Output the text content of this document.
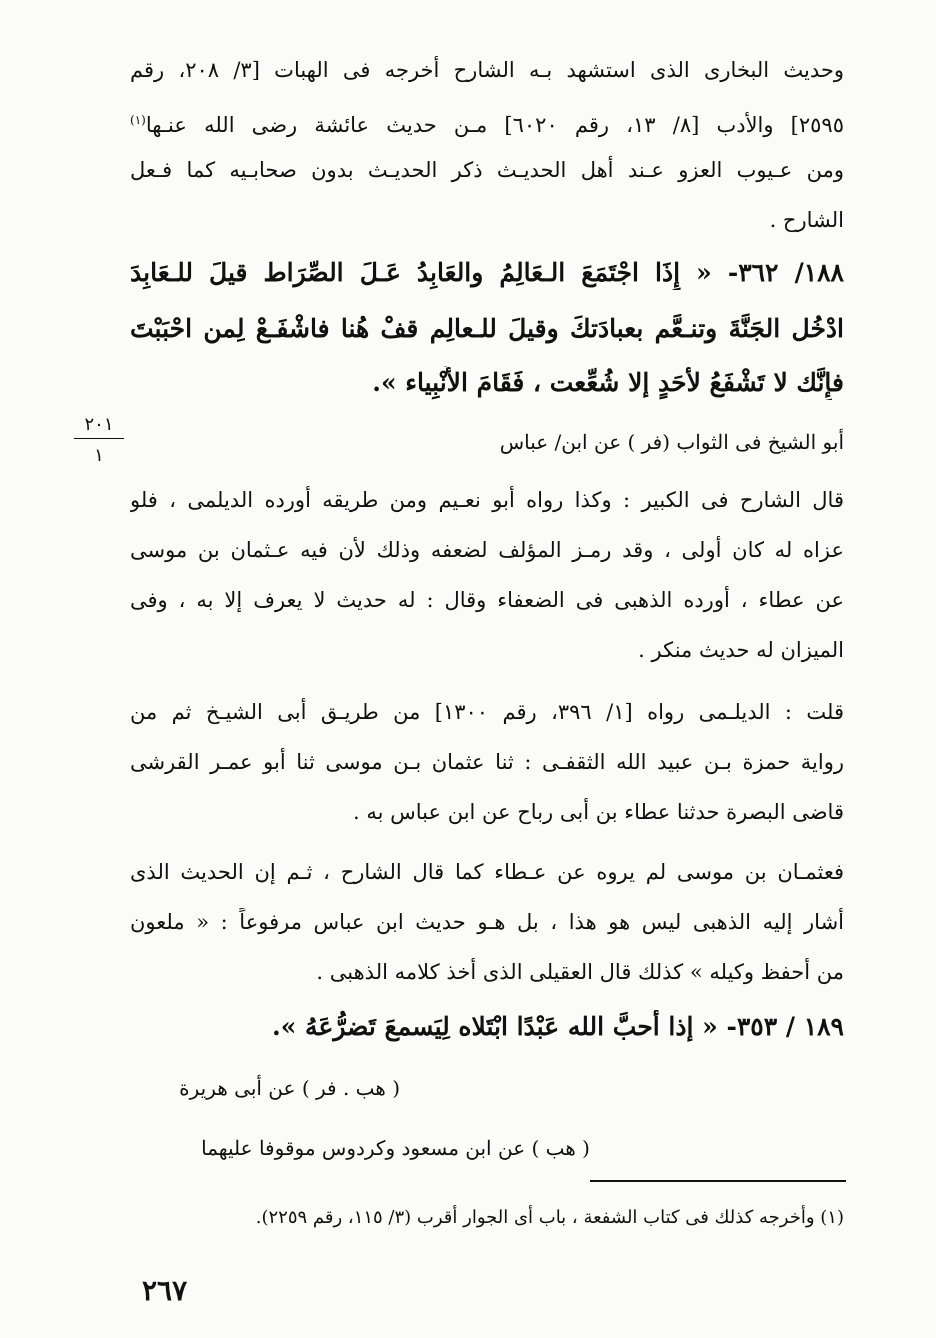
وحديث البخارى الذى استشهد بـه الشارح أخرجه فى الهبات [٣/ ٢٠٨، رقم
٢٥٩٥] والأدب [٨/ ١٣، رقم ٦٠٢٠] مـن حديث عائشة رضى الله عنـها$^{(١)}$
ومن عـيوب العزو عـند أهل الحديـث ذكر الحديـث بدون صحابـيه كما فـعل
الشارح .
١٨٨/ ٣٦٢- « إِذَا اجْتَمَعَ الـعَالِمُ والعَابِدُ عَـلَ الصِّرَاط قيلَ للـعَابِدَ
ادْخُل الجَنَّةَ وتنـعَّم بعبادَتكَ وقيلَ للـعالِم قفْ هُنا فاشْفَـعْ لِمن احْبَبْتَ
فإِنَّك لا تَشْفَعُ لأحَدٍ إلا شُعِّعت ، فَقَامَ الأَنْبِياء ».
٢٠١
١
أبو الشيخ فى الثواب (فر ) عن ابن/ عباس
قال الشارح فى الكبير : وكذا رواه أبو نعـيم ومن طريقه أورده الديلمى ، فلو
عزاه له كان أولى ، وقد رمـز المؤلف لضعفه وذلك لأن فيه عـثمان بن موسى
عن عطاء ، أورده الذهبى فى الضعفاء وقال : له حديث لا يعرف إلا به ، وفى
الميزان له حديث منكر .
قلت : الديلـمى رواه [١/ ٣٩٦، رقم ١٣٠٠] من طريـق أبى الشيـخ ثم من
رواية حمزة بـن عبيد الله الثقفـى : ثنا عثمان بـن موسى ثنا أبو عمـر القرشى
قاضى البصرة حدثنا عطاء بن أبى رباح عن ابن عباس به .
فعثمـان بن موسى لم يروه عن عـطاء كما قال الشارح ، ثـم إن الحديث الذى
أشار إليه الذهبى ليس هو هذا ، بل هـو حديث ابن عباس مرفوعاً : « ملعون
من أحفظ وكيله » كذلك قال العقيلى الذى أخذ كلامه الذهبى .
١٨٩ / ٣٥٣- « إذا أحبَّ الله عَبْدًا ابْتَلاه لِيَسمعَ تَضرُّعَهُ ».
( هب . فر ) عن أبى هريرة
( هب ) عن ابن مسعود وكردوس موقوفا عليهما
(١) وأخرجه كذلك فى كتاب الشفعة ، باب أى الجوار أقرب (٣/ ١١٥، رقم ٢٢٥٩).
٢٦٧
